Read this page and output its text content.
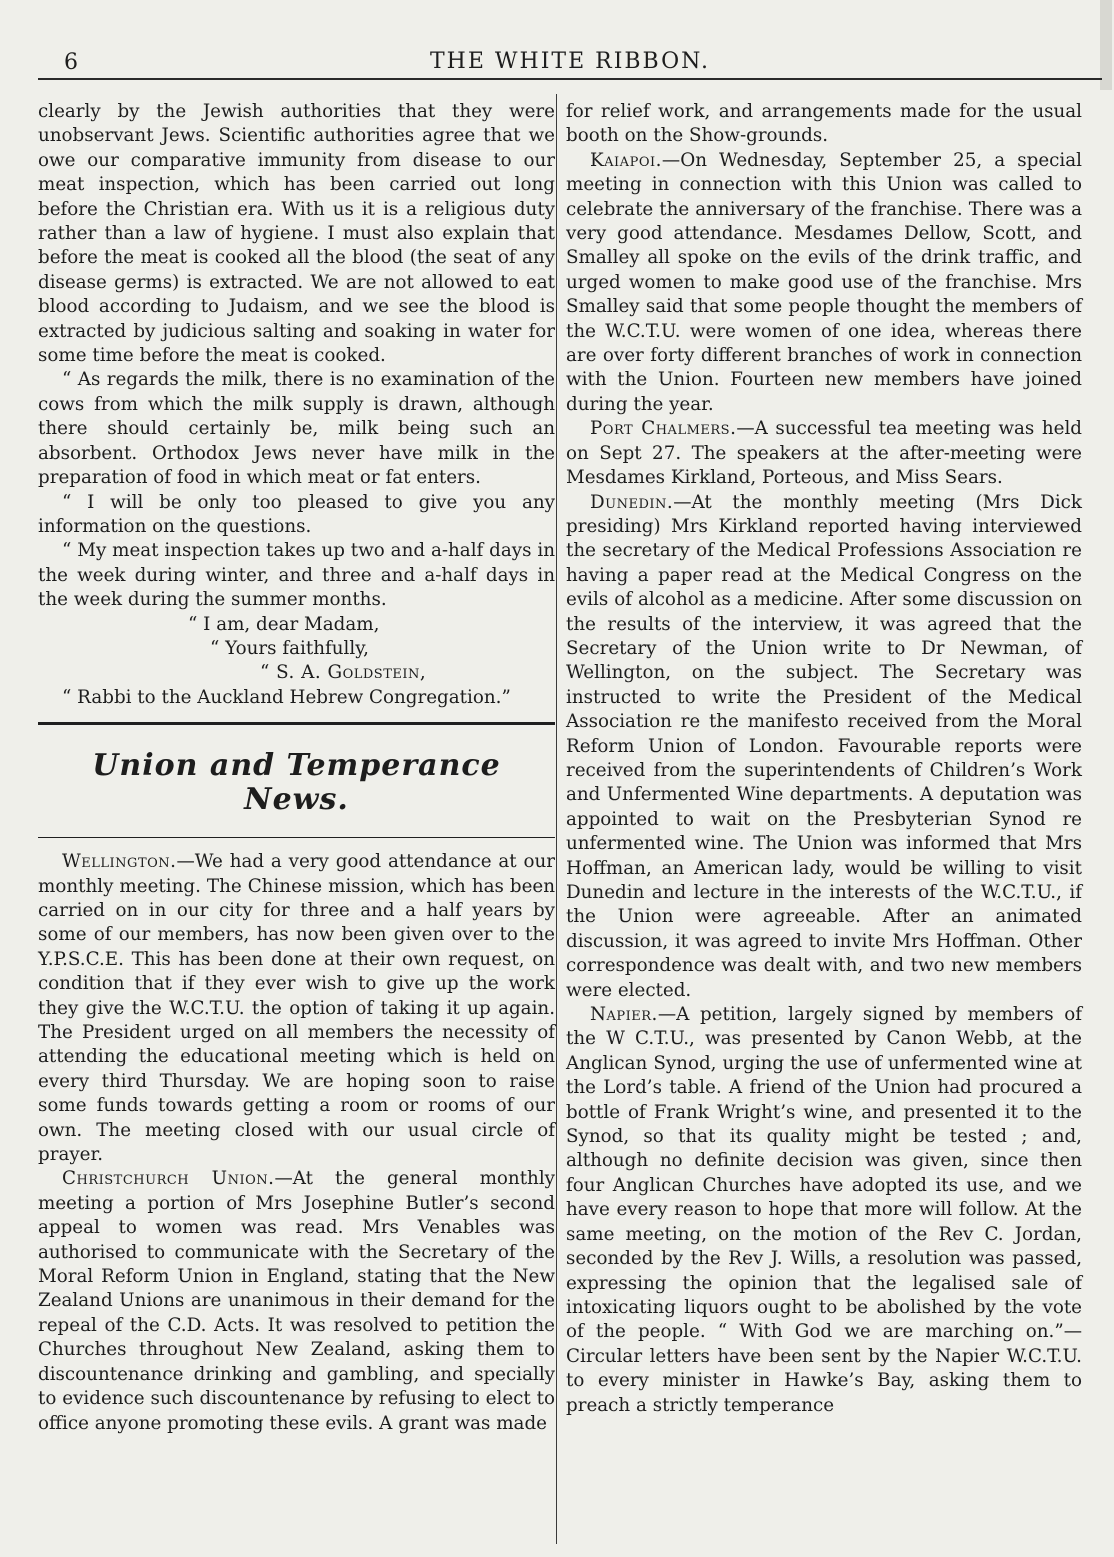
6	THE WHITE RIBBON.

clearly by the Jewish authorities that they were unobservant Jews. Scientific authorities agree that we owe our comparative immunity from disease to our meat inspection, which has been carried out long before the Christian era. With us it is a religious duty rather than a law of hygiene. I must also explain that before the meat is cooked all the blood (the seat of any disease germs) is extracted. We are not allowed to eat blood according to Judaism, and we see the blood is extracted by judicious salting and soaking in water for some time before the meat is cooked.

“ As regards the milk, there is no examination of the cows from which the milk supply is drawn, although there should certainly be, milk being such an absorbent. Orthodox Jews never have milk in the preparation of food in which meat or fat enters.

“ I will be only too pleased to give you any information on the questions.

“ My meat inspection takes up two and a-half days in the week during winter, and three and a-half days in the week during the summer months.

“ I am, dear Madam,

“ Yours faithfully,

“ S. A. Goldstein,

“ Rabbi to the Auckland Hebrew Congregation.”

Union and Temperance News.

Wellington.—We had a very good attendance at our monthly meeting. The Chinese mission, which has been carried on in our city for three and a half years by some of our members, has now been given over to the Y.P.S.C.E. This has been done at their own request, on condition that if they ever wish to give up the work they give the W.C.T.U. the option of taking it up again. The President urged on all members the necessity of attending the educational meeting which is held on every third Thursday. We are hoping soon to raise some funds towards getting a room or rooms of our own. The meeting closed with our usual circle of prayer.

Christchurch Union.—At the general monthly meeting a portion of Mrs Josephine Butler’s second appeal to women was read. Mrs Venables was authorised to communicate with the Secretary of the Moral Reform Union in England, stating that the New Zealand Unions are unanimous in their demand for the repeal of the C.D. Acts. It was resolved to petition the Churches throughout New Zealand, asking them to discountenance drinking and gambling, and specially to evidence such discountenance by refusing to elect to office anyone promoting these evils. A grant was made

for relief work, and arrangements made for the usual booth on the Show-grounds.

Kaiapoi.—On Wednesday, September 25, a special meeting in connection with this Union was called to celebrate the anniversary of the franchise. There was a very good attendance. Mesdames Dellow, Scott, and Smalley all spoke on the evils of the drink traffic, and urged women to make good use of the franchise. Mrs Smalley said that some people thought the members of the W.C.T.U. were women of one idea, whereas there are over forty different branches of work in connection with the Union. Fourteen new members have joined during the year.

Port Chalmers.—A successful tea meeting was held on Sept 27. The speakers at the after-meeting were Mesdames Kirkland, Porteous, and Miss Sears.

Dunedin.—At the monthly meeting (Mrs Dick presiding) Mrs Kirkland reported having interviewed the secretary of the Medical Professions Association re having a paper read at the Medical Congress on the evils of alcohol as a medicine. After some discussion on the results of the interview, it was agreed that the Secretary of the Union write to Dr Newman, of Wellington, on the subject. The Secretary was instructed to write the President of the Medical Association re the manifesto received from the Moral Reform Union of London. Favourable reports were received from the superintendents of Children’s Work and Unfermented Wine departments. A deputation was appointed to wait on the Presbyterian Synod re unfermented wine. The Union was informed that Mrs Hoffman, an American lady, would be willing to visit Dunedin and lecture in the interests of the W.C.T.U., if the Union were agreeable. After an animated discussion, it was agreed to invite Mrs Hoffman. Other correspondence was dealt with, and two new members were elected.

Napier.—A petition, largely signed by members of the W C.T.U., was presented by Canon Webb, at the Anglican Synod, urging the use of unfermented wine at the Lord’s table. A friend of the Union had procured a bottle of Frank Wright’s wine, and presented it to the Synod, so that its quality might be tested ; and, although no definite decision was given, since then four Anglican Churches have adopted its use, and we have every reason to hope that more will follow. At the same meeting, on the motion of the Rev C. Jordan, seconded by the Rev J. Wills, a resolution was passed, expressing the opinion that the legalised sale of intoxicating liquors ought to be abolished by the vote of the people. “ With God we are marching on.”—Circular letters have been sent by the Napier W.C.T.U. to every minister in Hawke’s Bay, asking them to preach a strictly temperance
